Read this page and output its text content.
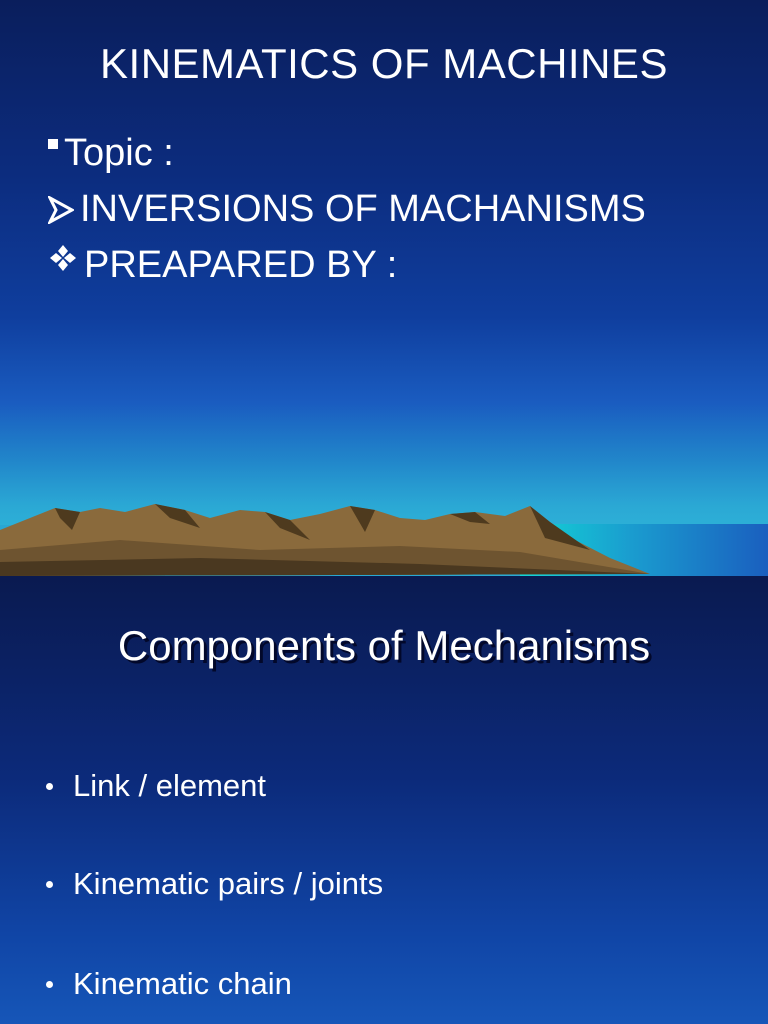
KINEMATICS OF MACHINES
Topic :
INVERSIONS OF MACHANISMS
PREAPARED BY :
Components of Mechanisms
Link / element
Kinematic pairs / joints
Kinematic chain
